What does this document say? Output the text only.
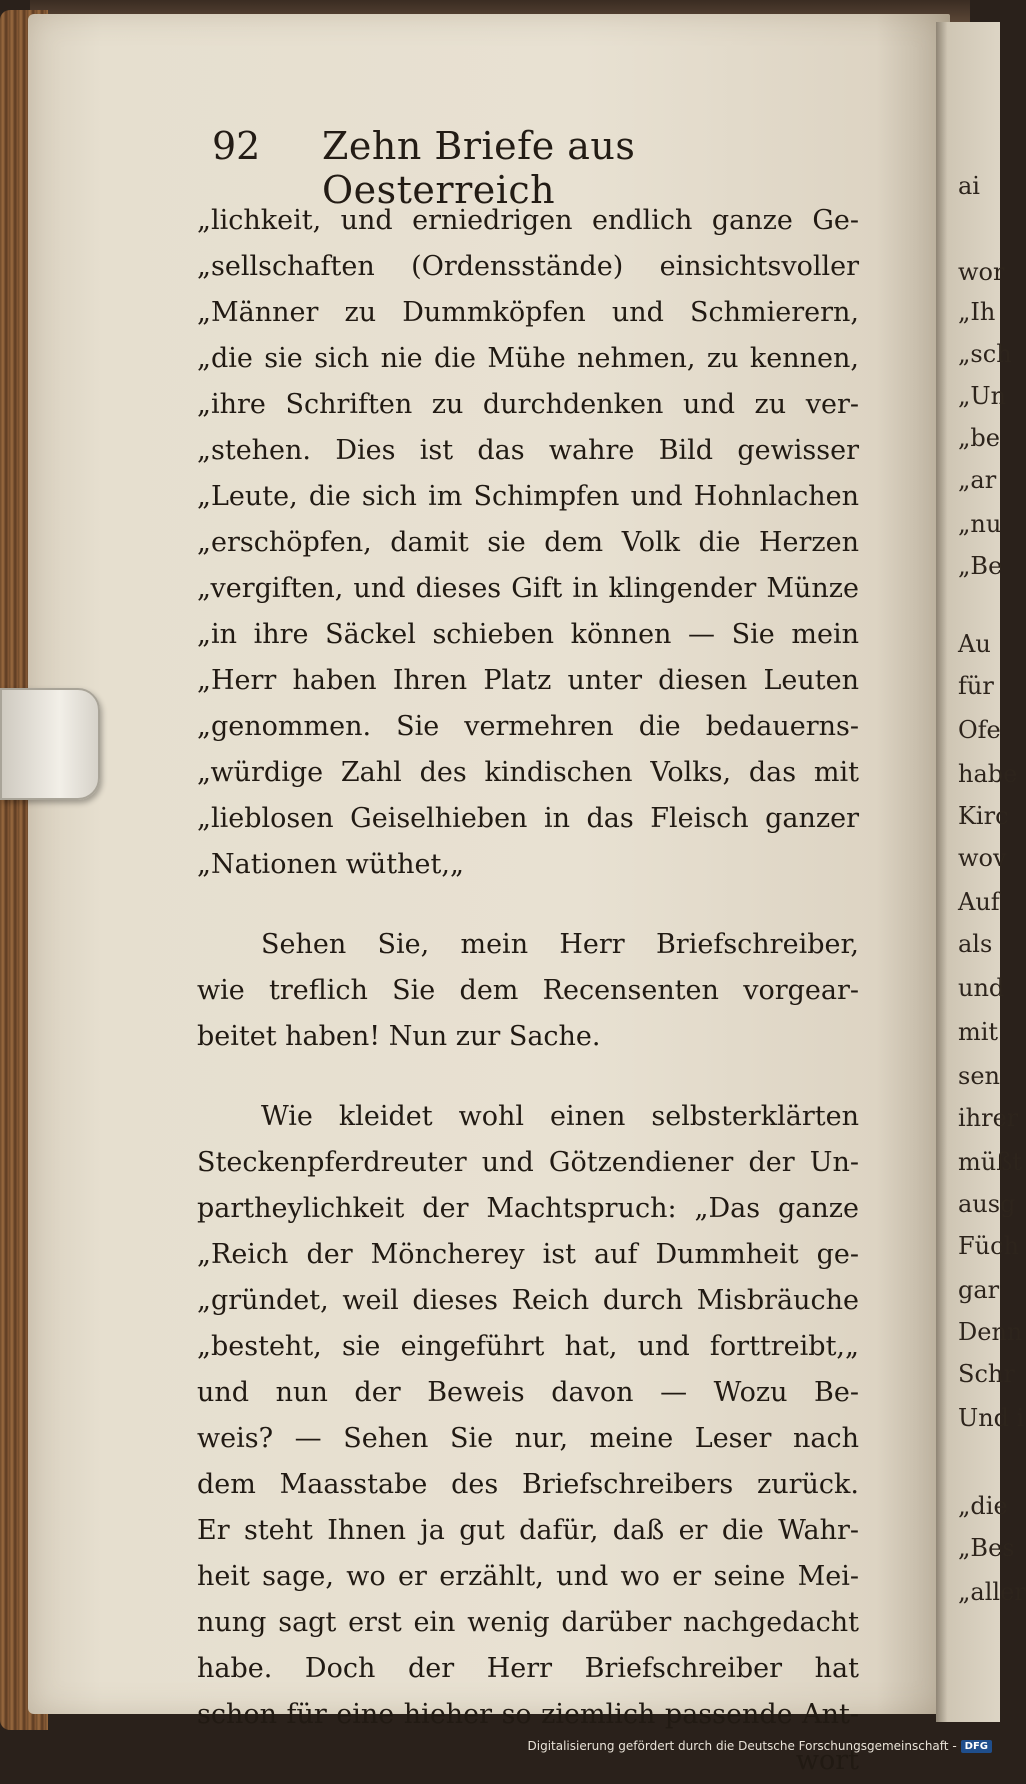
ai
wor
„Ih
„sch
„Un
„be
„ar
„nu
„Be
Au
für
Ofe
habe
Kirc
wov
Auf
als
und
mit
sen
ihrer
müßt
ausg
Füch
gar
Denn
Schr
Und i
„die
„Bes
„aller
92 Zehn Briefe aus Oesterreich
„lichkeit, und erniedrigen endlich ganze Ge-
„sellschaften (Ordensstände) einsichtsvoller
„Männer zu Dummköpfen und Schmierern,
„die sie sich nie die Mühe nehmen, zu kennen,
„ihre Schriften zu durchdenken und zu ver-
„stehen. Dies ist das wahre Bild gewisser
„Leute, die sich im Schimpfen und Hohnlachen
„erschöpfen, damit sie dem Volk die Herzen
„vergiften, und dieses Gift in klingender Münze
„in ihre Säckel schieben können — Sie mein
„Herr haben Ihren Platz unter diesen Leuten
„genommen. Sie vermehren die bedauerns-
„würdige Zahl des kindischen Volks, das mit
„lieblosen Geiselhieben in das Fleisch ganzer
„Nationen wüthet,„
Sehen Sie, mein Herr Briefschreiber,
wie treflich Sie dem Recensenten vorgear-
beitet haben! Nun zur Sache.
Wie kleidet wohl einen selbsterklärten
Steckenpferdreuter und Götzendiener der Un-
partheylichkeit der Machtspruch: „Das ganze
„Reich der Möncherey ist auf Dummheit ge-
„gründet, weil dieses Reich durch Misbräuche
„besteht, sie eingeführt hat, und forttreibt,„
und nun der Beweis davon — Wozu Be-
weis? — Sehen Sie nur, meine Leser nach
dem Maasstabe des Briefschreibers zurück.
Er steht Ihnen ja gut dafür, daß er die Wahr-
heit sage, wo er erzählt, und wo er seine Mei-
nung sagt erst ein wenig darüber nachgedacht
habe. Doch der Herr Briefschreiber hat
schon für eine hieher so ziemlich passende Ant-
wort
Digitalisierung gefördert durch die Deutsche Forschungsgemeinschaft - DFG
